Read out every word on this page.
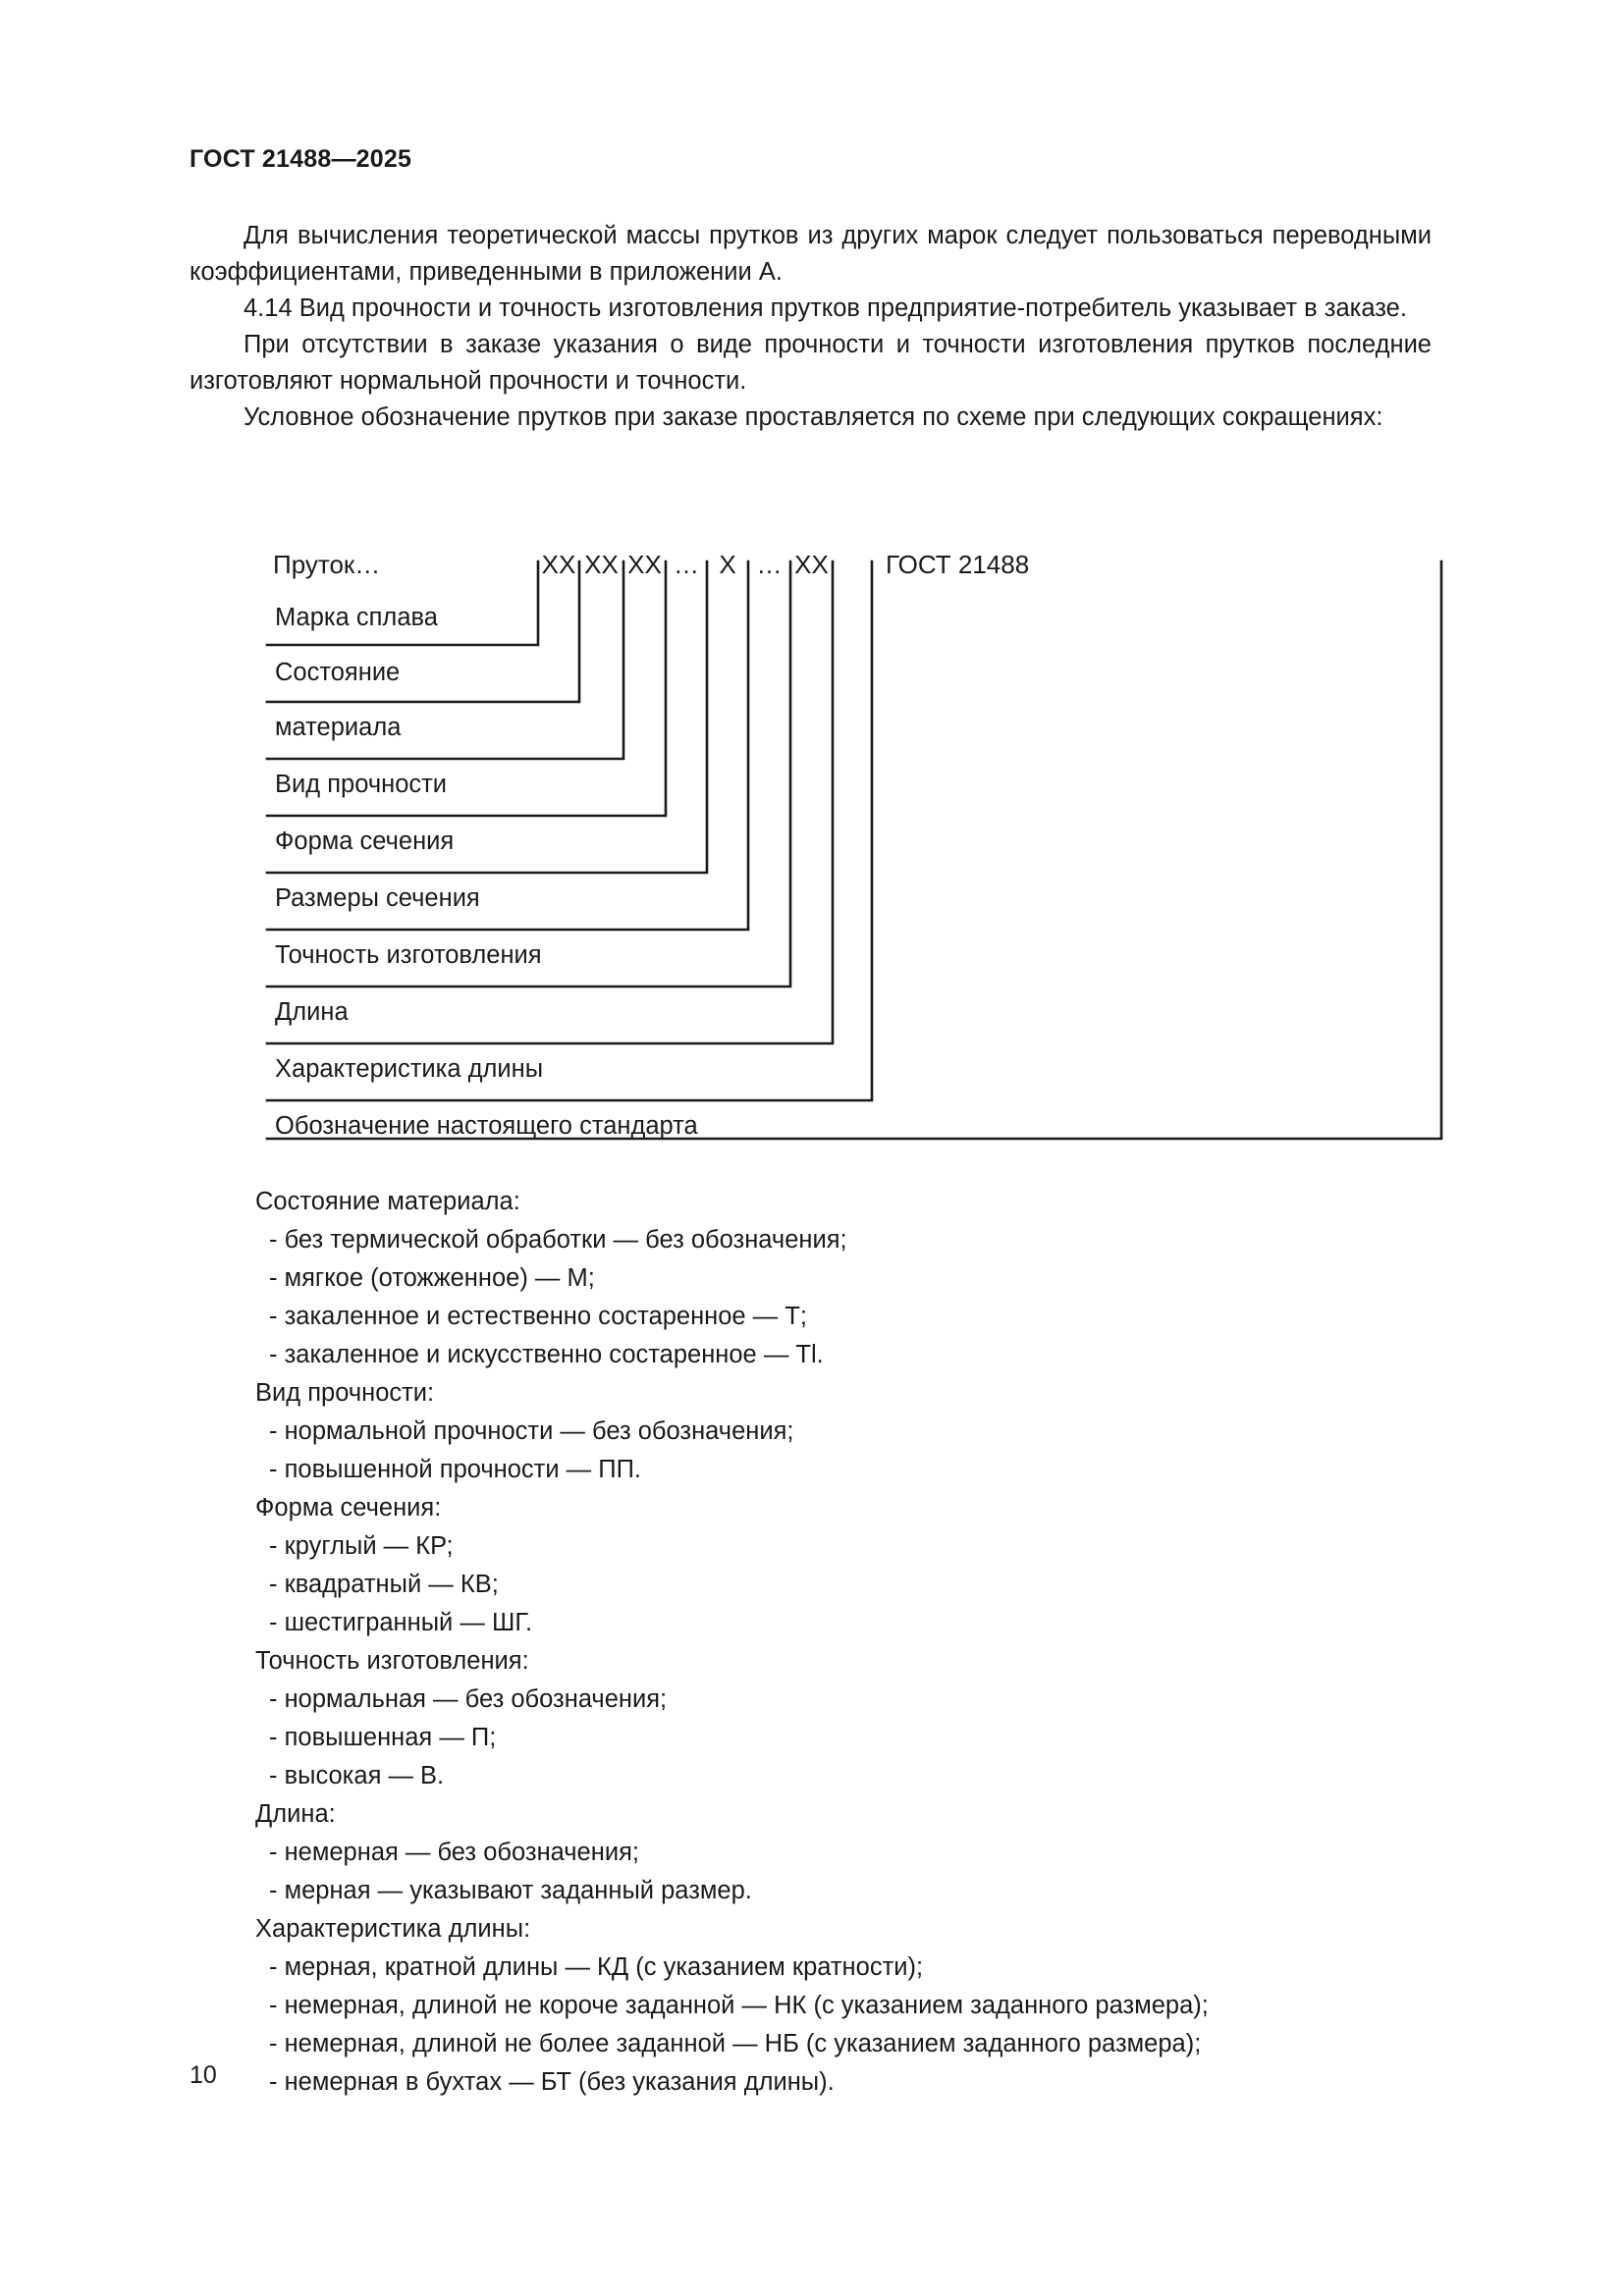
ГОСТ 21488—2025

Для вычисления теоретической массы прутков из других марок следует пользоваться переводными коэффициентами, приведенными в приложении А.

4.14 Вид прочности и точность изготовления прутков предприятие-потребитель указывает в заказе.

При отсутствии в заказе указания о виде прочности и точности изготовления прутков последние изготовляют нормальной прочности и точности.

Условное обозначение прутков при заказе проставляется по схеме при следующих сокращениях:

Пруток…	XX XX XX … X … XX ГОСТ 21488
Марка сплава
Состояние
материала
Вид прочности
Форма сечения
Размеры сечения
Точность изготовления
Длина
Характеристика длины
Обозначение настоящего стандарта
Состояние материала:
- без термической обработки — без обозначения;
- мягкое (отожженное) — М;
- закаленное и естественно состаренное — Т;
- закаленное и искусственно состаренное — Tl.
Вид прочности:
- нормальной прочности — без обозначения;
- повышенной прочности — ПП.
Форма сечения:
- круглый — КР;
- квадратный — КВ;
- шестигранный — ШГ.
Точность изготовления:
- нормальная — без обозначения;
- повышенная — П;
- высокая — В.
Длина:
- немерная — без обозначения;
- мерная — указывают заданный размер.
Характеристика длины:
- мерная, кратной длины — КД (с указанием кратности);
- немерная, длиной не короче заданной — НК (с указанием заданного размера);
- немерная, длиной не более заданной — НБ (с указанием заданного размера);
- немерная в бухтах — БТ (без указания длины).
10
